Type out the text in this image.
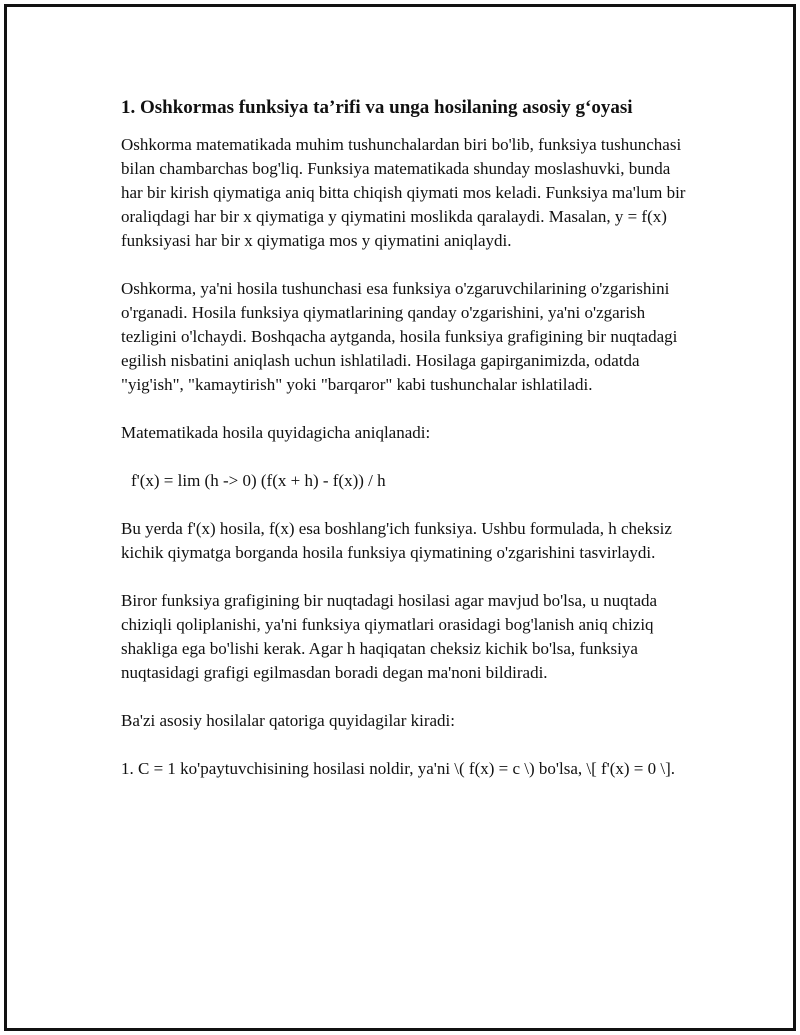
1. Oshkormas funksiya ta’rifi va unga hosilaning asosiy g‘oyasi

Oshkorma matematikada muhim tushunchalardan biri bo'lib, funksiya tushunchasi bilan chambarchas bog'liq. Funksiya matematikada shunday moslashuvki, bunda har bir kirish qiymatiga aniq bitta chiqish qiymati mos keladi. Funksiya ma'lum bir oraliqdagi har bir x qiymatiga y qiymatini moslikda qaralaydi. Masalan, y = f(x) funksiyasi har bir x qiymatiga mos y qiymatini aniqlaydi.

Oshkorma, ya'ni hosila tushunchasi esa funksiya o'zgaruvchilarining o'zgarishini o'rganadi. Hosila funksiya qiymatlarining qanday o'zgarishini, ya'ni o'zgarish tezligini o'lchaydi. Boshqacha aytganda, hosila funksiya grafigining bir nuqtadagi egilish nisbatini aniqlash uchun ishlatiladi. Hosilaga gapirganimizda, odatda "yig'ish", "kamaytirish" yoki "barqaror" kabi tushunchalar ishlatiladi.

Matematikada hosila quyidagicha aniqlanadi:

f'(x) = lim (h -> 0) (f(x + h) - f(x)) / h

Bu yerda f'(x) hosila, f(x) esa boshlang'ich funksiya. Ushbu formulada, h cheksiz kichik qiymatga borganda hosila funksiya qiymatining o'zgarishini tasvirlaydi.

Biror funksiya grafigining bir nuqtadagi hosilasi agar mavjud bo'lsa, u nuqtada chiziqli qoliplanishi, ya'ni funksiya qiymatlari orasidagi bog'lanish aniq chiziq shakliga ega bo'lishi kerak. Agar h haqiqatan cheksiz kichik bo'lsa, funksiya nuqtasidagi grafigi egilmasdan boradi degan ma'noni bildiradi.

Ba'zi asosiy hosilalar qatoriga quyidagilar kiradi:

1. C = 1 ko'paytuvchisining hosilasi noldir, ya'ni \( f(x) = c \) bo'lsa, \[ f'(x) = 0 \].
